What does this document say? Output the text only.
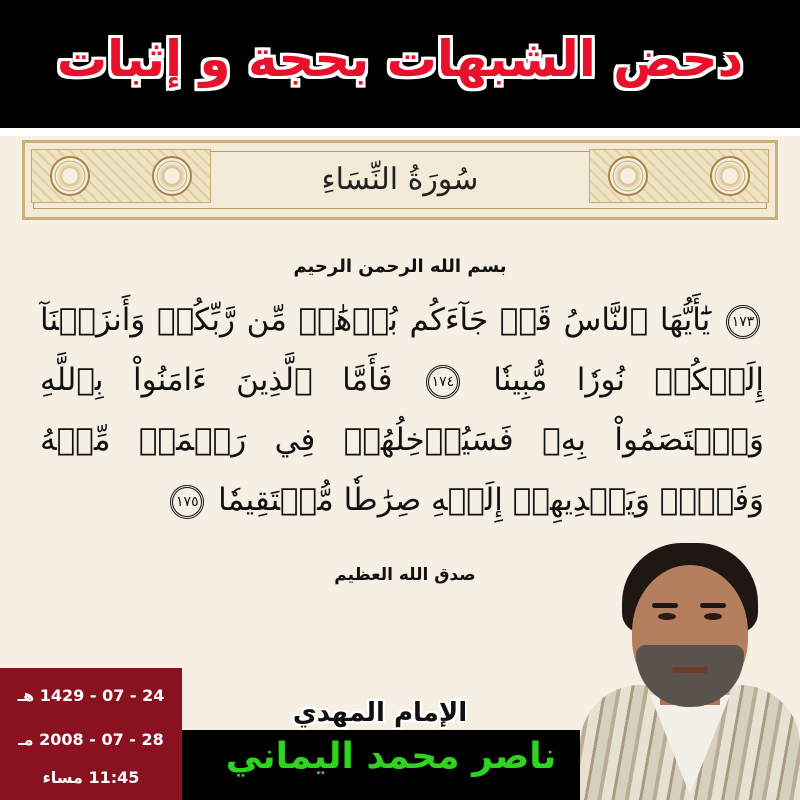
دحض الشبهات بحجة و إثبات
سُورَةُ النِّسَاءِ
بسم الله الرحمن الرحيم
١٧٣ يَٰٓأَيُّهَا ٱلنَّاسُ قَدۡ جَآءَكُم بُرۡهَٰنٞ مِّن رَّبِّكُمۡ وَأَنزَلۡنَآ إِلَيۡكُمۡ نُورٗا مُّبِينٗا ١٧٤ فَأَمَّا ٱلَّذِينَ ءَامَنُواْ بِٱللَّهِ وَٱعۡتَصَمُواْ بِهِۦ فَسَيُدۡخِلُهُمۡ فِي رَحۡمَةٖ مِّنۡهُ وَفَضۡلٖ وَيَهۡدِيهِمۡ إِلَيۡهِ صِرَٰطٗا مُّسۡتَقِيمٗا ١٧٥
صدق الله العظيم
24 - 07 - 1429 هـ
28 - 07 - 2008 مـ
11:45 مساء
الإمام المهدي
ناصر محمد اليماني
